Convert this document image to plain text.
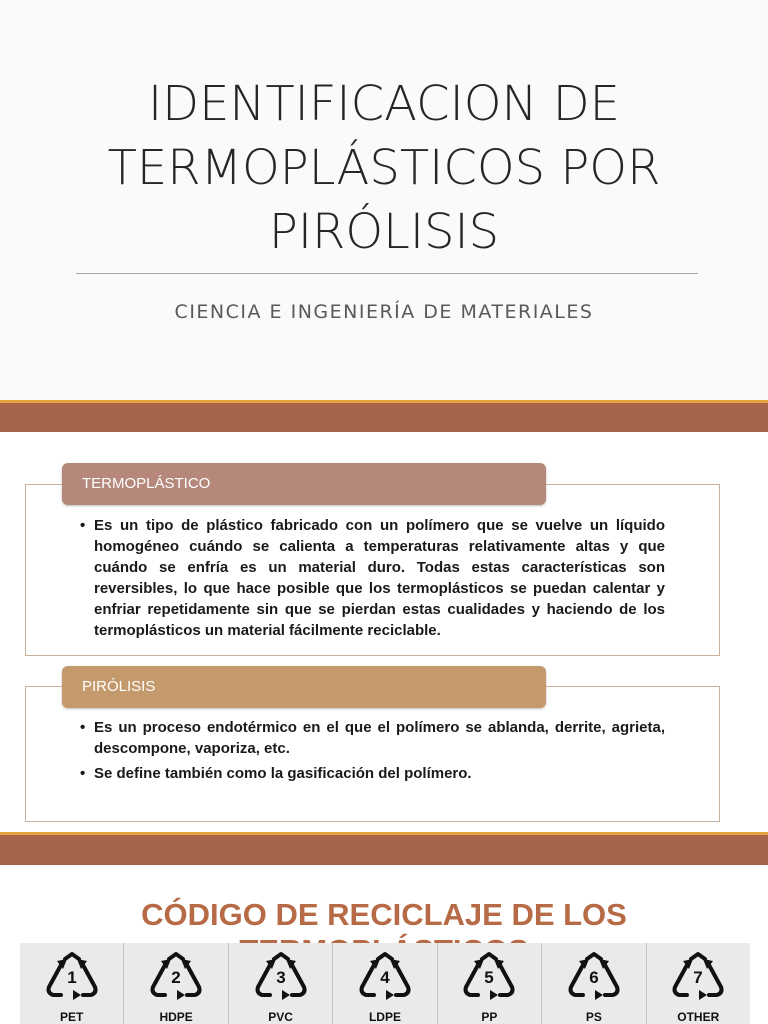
IDENTIFICACION DE
TERMOPLÁSTICOS POR
PIRÓLISIS
CIENCIA E INGENIERÍA DE MATERIALES
• Es un tipo de plástico fabricado con un polímero que se vuelve un líquido homogéneo cuándo se calienta a temperaturas relativamente altas y que cuándo se enfría es un material duro. Todas estas características son reversibles, lo que hace posible que los termoplásticos se puedan calentar y enfriar repetidamente sin que se pierdan estas cualidades y haciendo de los termoplásticos un material fácilmente reciclable.
TERMOPLÁSTICO
• Es un proceso endotérmico en el que el polímero se ablanda, derrite, agrieta, descompone, vaporiza, etc.
• Se define también como la gasificación del polímero.
PIRÓLISIS
CÓDIGO DE RECICLAJE DE LOS
1
PET
2
HDPE
3
PVC
4
LDPE
5
PP
6
PS
7
OTHER
